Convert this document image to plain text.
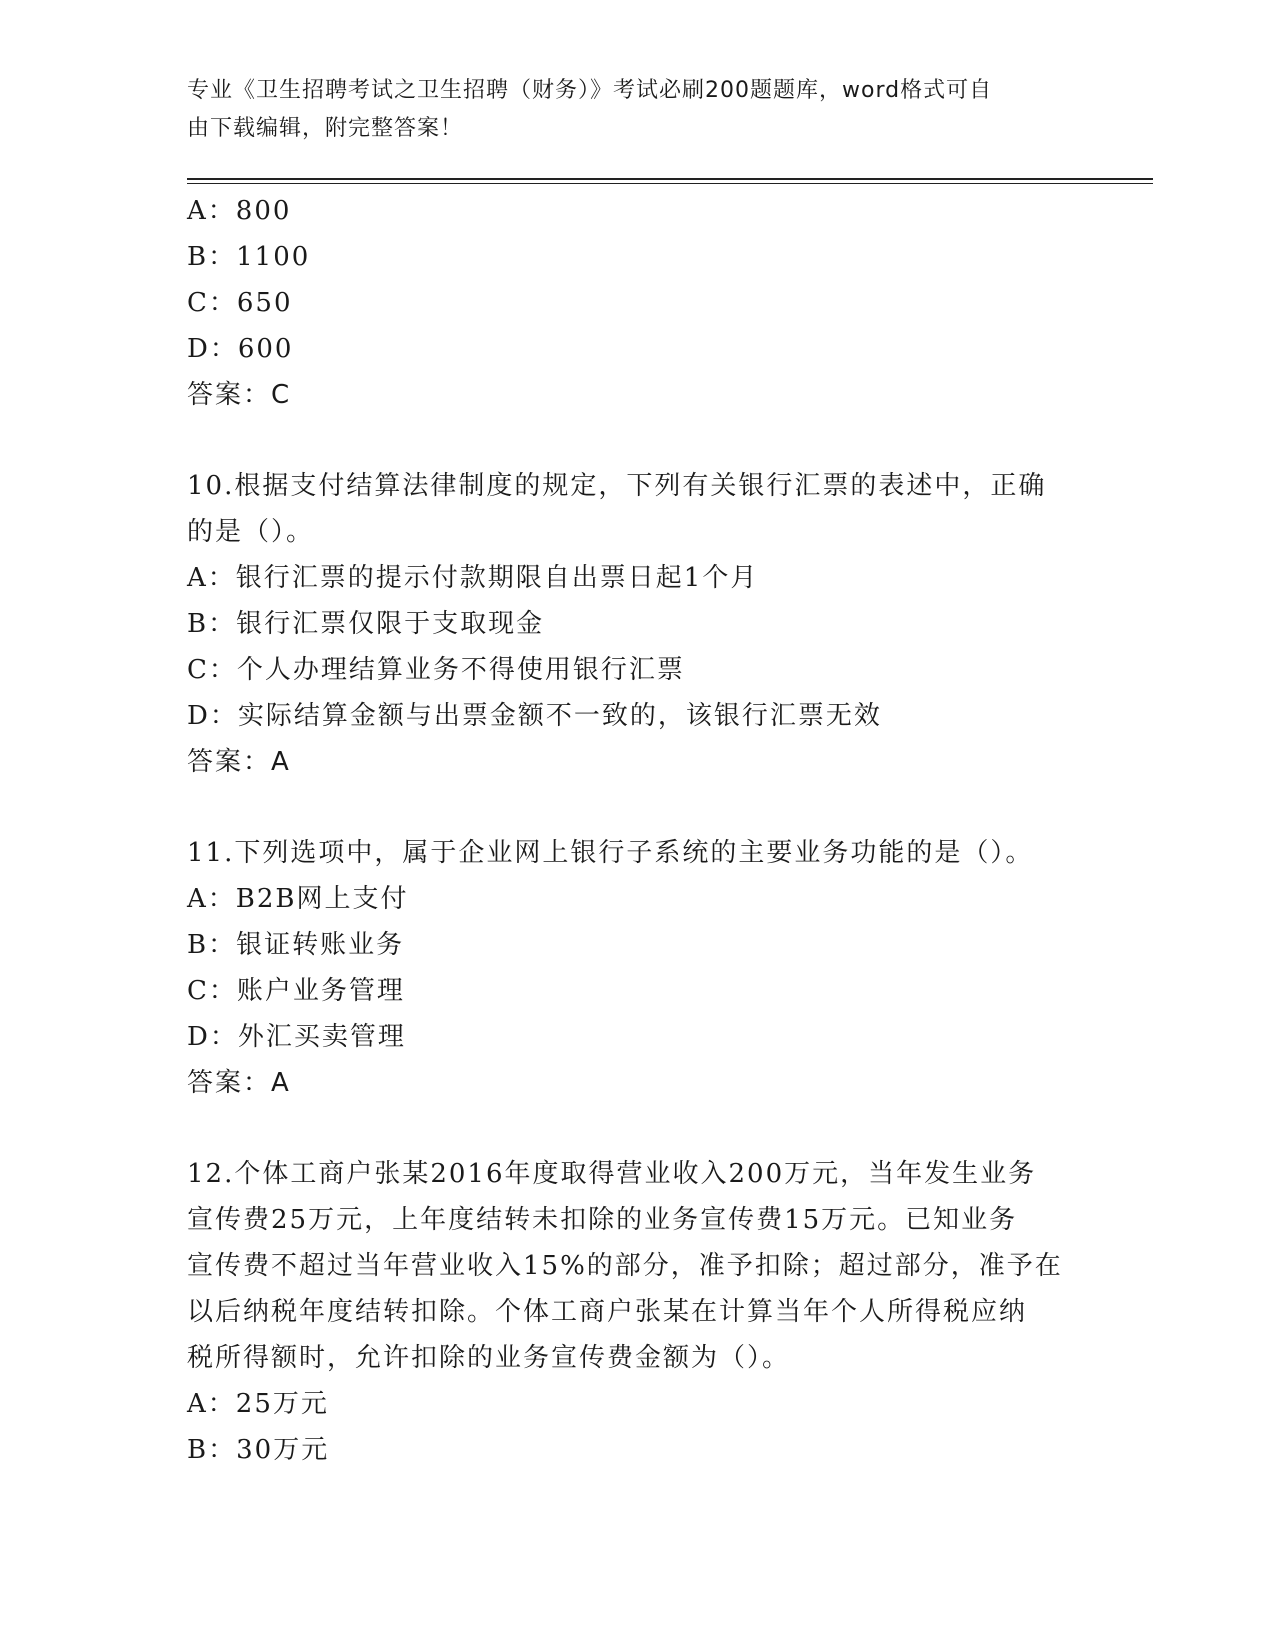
专业《卫生招聘考试之卫生招聘（财务）》考试必刷200题题库，word格式可自
由下载编辑，附完整答案！
A：800
B：1100
C：650
D：600
答案：C
10.根据支付结算法律制度的规定，下列有关银行汇票的表述中，正确
的是（）。
A：银行汇票的提示付款期限自出票日起1个月
B：银行汇票仅限于支取现金
C：个人办理结算业务不得使用银行汇票
D：实际结算金额与出票金额不一致的，该银行汇票无效
答案：A
11.下列选项中，属于企业网上银行子系统的主要业务功能的是（）。
A：B2B网上支付
B：银证转账业务
C：账户业务管理
D：外汇买卖管理
答案：A
12.个体工商户张某2016年度取得营业收入200万元，当年发生业务
宣传费25万元，上年度结转未扣除的业务宣传费15万元。已知业务
宣传费不超过当年营业收入15%的部分，准予扣除；超过部分，准予在
以后纳税年度结转扣除。个体工商户张某在计算当年个人所得税应纳
税所得额时，允许扣除的业务宣传费金额为（）。
A：25万元
B：30万元
